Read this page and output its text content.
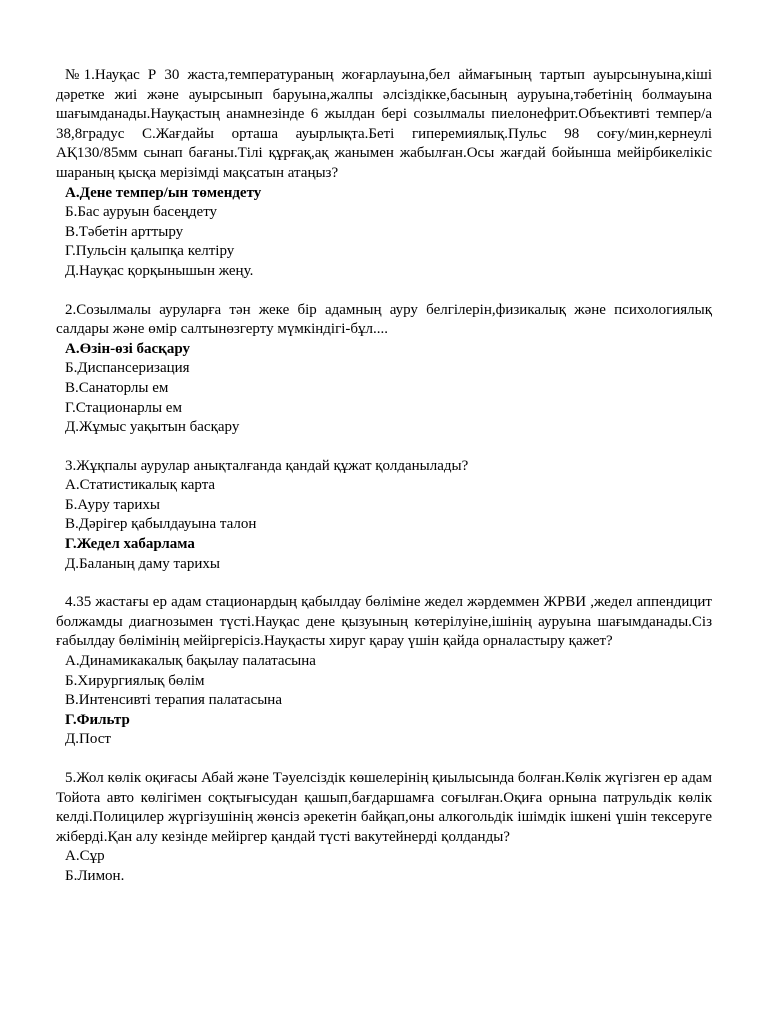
№1.Науқас Р 30 жаста,температураның жоғарлауына,бел аймағының тартып ауырсынуына,кіші дәретке жиі және ауырсынып баруына,жалпы әлсіздікке,басының ауруына,тәбетінің болмауына шағымданады.Науқастың анамнезінде 6 жылдан бері созылмалы пиелонефрит.Объективті темпер/а 38,8градус С.Жағдайы орташа ауырлықта.Беті гиперемиялық.Пульс 98 соғу/мин,кернеулі АҚ130/85мм сынап бағаны.Тілі құрғақ,ақ жанымен жабылған.Осы жағдай бойынша мейірбикелікіс шараның қысқа мерізімді мақсатын атаңыз?

А.Дене темпер/ын төмендету
Б.Бас ауруын басеңдету
В.Тәбетін арттыру
Г.Пульсін қалыпқа келтіру
Д.Науқас қорқынышын жеңу.

2.Созылмалы ауруларға тән жеке бір адамның ауру белгілерін,физикалық және психологиялық салдары және өмір салтынөзгерту мүмкіндігі-бұл....

А.Өзін-өзі басқару
Б.Диспансеризация
В.Санаторлы ем
Г.Стационарлы ем
Д.Жұмыс уақытын басқару

3.Жұқпалы аурулар анықталғанда қандай құжат қолданылады?

А.Статистикалық карта
Б.Ауру тарихы
В.Дәрігер қабылдауына талон
Г.Жедел хабарлама
Д.Баланың даму тарихы

4.35 жастағы ер адам стационардың қабылдау бөліміне жедел жәрдеммен ЖРВИ ,жедел аппендицит болжамды диагнозымен түсті.Науқас дене қызуының көтерілуіне,ішінің ауруына шағымданады.Сіз ғабылдау бөлімінің мейіргерісіз.Науқасты хируг қарау үшін қайда орналастыру қажет?

А.Динамикакалық бақылау палатасына
Б.Хирургиялық бөлім
В.Интенсивті терапия палатасына
Г.Фильтр
Д.Пост

5.Жол көлік оқиғасы Абай және Тәуелсіздік көшелерінің қиылысында болған.Көлік жүгізген ер адам Тойота авто көлігімен соқтығысудан қашып,бағдаршамға соғылған.Оқиға орнына патрульдік көлік келді.Полицилер жүргізушінің жөнсіз әрекетін байқап,оны алкогольдік ішімдік ішкені үшін тексеруге жіберді.Қан алу кезінде мейіргер қандай түсті вакутейнерді қолданды?

А.Сұр
Б.Лимон.
